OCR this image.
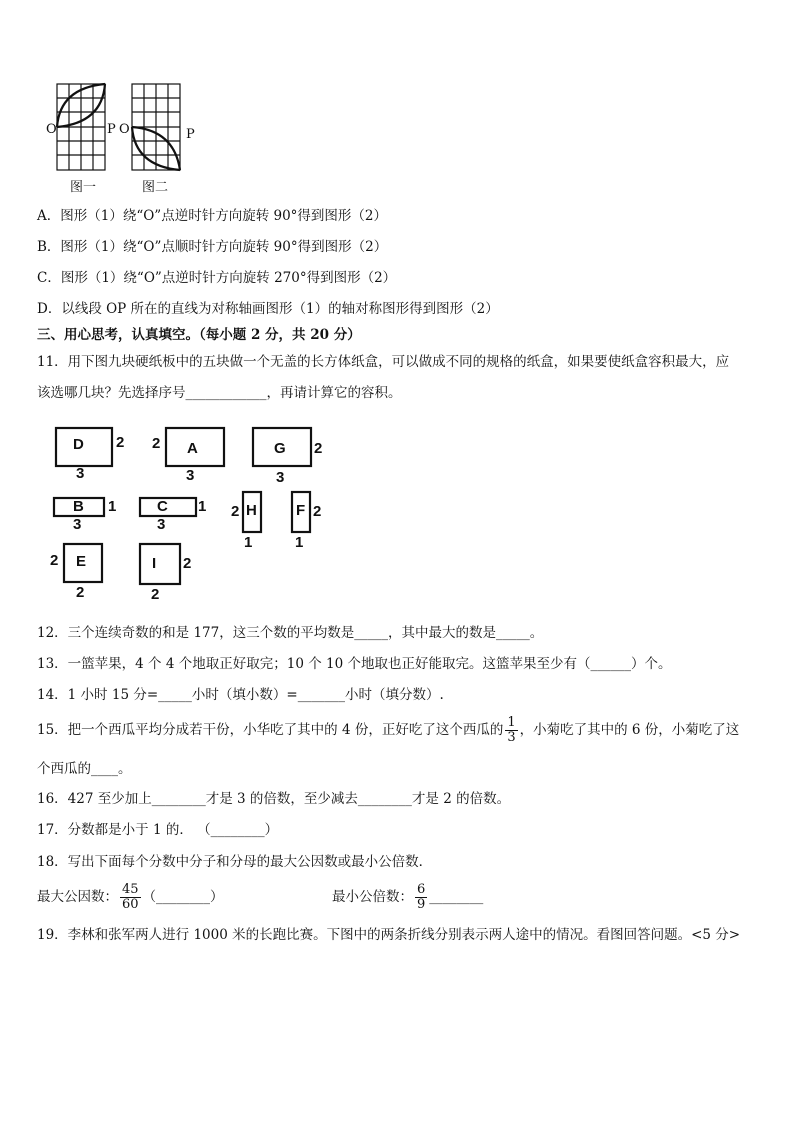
O	P O	P
图一	图二
A．图形（1）绕“O”点逆时针方向旋转 90°得到图形（2）
B．图形（1）绕“O”点顺时针方向旋转 90°得到图形（2）
C．图形（1）绕“O”点逆时针方向旋转 270°得到图形（2）
D．以线段 OP 所在的直线为对称轴画图形（1）的轴对称图形得到图形（2）
三、用心思考，认真填空。（每小题 2 分，共 20 分）
11．用下图九块硬纸板中的五块做一个无盖的长方体纸盒，可以做成不同的规格的纸盒，如果要使纸盒容积最大，应
该选哪几块？先选择序号____________，再请计算它的容积。
D 2
3
A
2
3
G 2
3
B 1
3
C 1
3
H
2
1
F 2
1
E
2
2
I 2
2
12．三个连续奇数的和是 177，这三个数的平均数是_____，其中最大的数是_____。
13．一篮苹果，4 个 4 个地取正好取完；10 个 10 个地取也正好能取完。这篮苹果至少有（______）个。
14．1 小时 15 分=_____小时（填小数）=_______小时（填分数）.
15．把一个西瓜平均分成若干份，小华吃了其中的 4 份，正好吃了这个西瓜的 $\frac{1}{3}$ ，小菊吃了其中的 6 份，小菊吃了这
个西瓜的____。
16．427 至少加上________才是 3 的倍数，至少减去________才是 2 的倍数。
17．分数都是小于 1 的． （________）
18．写出下面每个分数中分子和分母的最大公因数或最小公倍数．
最大公因数： $\frac{45}{60}$ （________）	最小公倍数： $\frac{6}{9}$ ________
19．李林和张军两人进行 1000 米的长跑比赛。下图中的两条折线分别表示两人途中的情况。看图回答问题。<5 分>
